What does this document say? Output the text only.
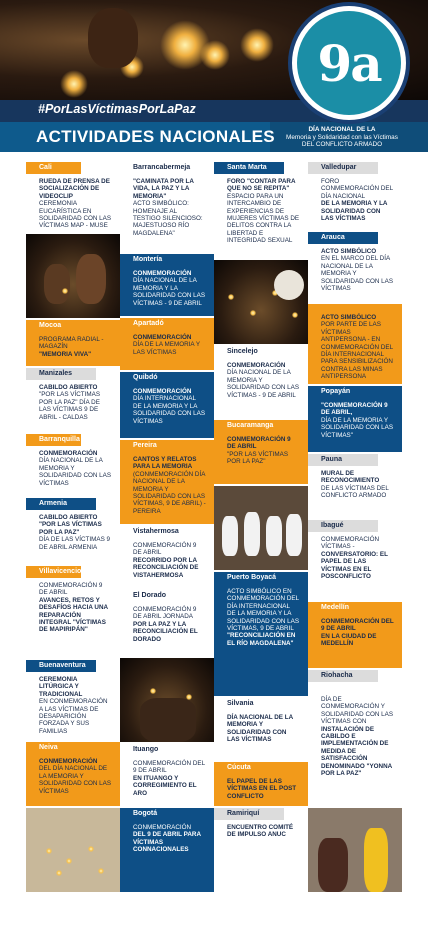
9a
#PorLasVíctimasPorLaPaz
ACTIVIDADES NACIONALES	DÍA NACIONAL DE LA
Memoria y Solidaridad con las Víctimas
DEL CONFLICTO ARMADO
Cali
RUEDA DE PRENSA DE SOCIALIZACIÓN DE VIDEOCLIP
CEREMONIA EUCARÍSTICA EN SOLIDARIDAD CON LAS VÍCTIMAS MAP - MUSE
Mocoa
PROGRAMA RADIAL - MAGAZÍN
"MEMORIA VIVA"
Manizales
CABILDO ABIERTO
"POR LAS VÍCTIMAS POR LA PAZ" DÍA DE LAS VÍCTIMAS 9 DE ABRIL - CALDAS
Barranquilla
CONMEMORACIÓN
DÍA NACIONAL DE LA MEMORIA Y SOLIDARIDAD CON LAS VÍCTIMAS
Armenia
CABILDO ABIERTO "POR LAS VÍCTIMAS POR LA PAZ"
DÍA DE LAS VÍCTIMAS 9 DE ABRIL ARMENIA
Villavicencio
CONMEMORACIÓN 9 DE ABRIL
AVANCES, RETOS Y DESAFÍOS HACIA UNA REPARACIÓN INTEGRAL "VÍCTIMAS DE MAPIRIPÁN"
Buenaventura
CEREMONIA LITÚRGICA Y TRADICIONAL
EN CONMEMORACIÓN A LAS VÍCTIMAS DE DESAPARICIÓN FORZADA Y SUS FAMILIAS
Neiva
CONMEMORACIÓN
DEL DÍA NACIONAL DE LA MEMORIA Y SOLIDARIDAD CON LAS VÍCTIMAS
Barrancabermeja
"CAMINATA POR LA VIDA, LA PAZ Y LA MEMORIA"
ACTO SIMBÓLICO: HOMENAJE AL TESTIGO SILENCIOSO: MAJESTUOSO RÍO MAGDALENA"
Montería
CONMEMORACIÓN
DÍA NACIONAL DE LA MEMORIA Y LA SOLIDARIDAD CON LAS VÍCTIMAS - 9 DE ABRIL
Apartadó
CONMEMORACIÓN
DÍA DE LA MEMORIA Y LAS VÍCTIMAS
Quibdó
CONMEMORACIÓN
DÍA INTERNACIONAL DE LA MEMORIA Y LA SOLIDARIDAD CON LAS VÍCTIMAS
Pereira
CANTOS Y RELATOS PARA LA MEMORIA
(CONMEMORACIÓN DÍA NACIONAL DE LA MEMORIA Y SOLIDARIDAD CON LAS VÍCTIMAS, 9 DE ABRIL) - PEREIRA
Vistahermosa
CONMEMORACIÓN 9 DE ABRIL
RECORRIDO POR LA RECONCILIACIÓN DE VISTAHERMOSA
El Dorado
CONMEMORACIÓN 9 DE ABRIL JORNADA
POR LA PAZ Y LA RECONCILIACIÓN EL DORADO
Ituango
CONMEMORACIÓN DEL 9 DE ABRIL
EN ITUANGO Y CORREGIMIENTO EL ARO
Bogotá
CONMEMORACIÓN
DEL 9 DE ABRIL PARA VÍCTIMAS CONNACIONALES
Santa Marta
FORO "CONTAR PARA QUE NO SE REPITA"
ESPACIO PARA UN INTERCAMBIO DE EXPERIENCIAS DE MUJERES VÍCTIMAS DE DELITOS CONTRA LA LIBERTAD E INTEGRIDAD SEXUAL
Sincelejo
CONMEMORACIÓN
DÍA NACIONAL DE LA MEMORIA Y SOLIDARIDAD CON LAS VÍCTIMAS - 9 DE ABRIL
Bucaramanga
CONMEMORACIÓN 9 DE ABRIL
"POR LAS VÍCTIMAS POR LA PAZ"
Puerto Boyacá
ACTO SIMBÓLICO EN CONMEMORACIÓN DEL DÍA INTERNACIONAL DE LA MEMORIA Y LA SOLIDARIDAD CON LAS VÍCTIMAS, 9 DE ABRIL
"RECONCILIACIÓN EN EL RÍO MAGDALENA"
Silvania
DÍA NACIONAL DE LA MEMORIA Y SOLIDARIDAD CON LAS VÍCTIMAS
Cúcuta
EL PAPEL DE LAS VÍCTIMAS EN EL POST CONFLICTO
Ramiriquí
ENCUENTRO COMITÉ DE IMPULSO ANUC
Valledupar
FORO CONMEMORACIÓN DEL DÍA NACIONAL
DE LA MEMORIA Y LA SOLIDARIDAD CON LAS VÍCTIMAS
Arauca
ACTO SIMBÓLICO
EN EL MARCO DEL DÍA NACIONAL DE LA MEMORIA Y SOLIDARIDAD CON LAS VÍCTIMAS
ACTO SIMBÓLICO
POR PARTE DE LAS VÍCTIMAS ANTIPERSONA - EN CONMEMORACIÓN DEL DÍA INTERNACIONAL PARA SENSIBILIZACIÓN CONTRA LAS MINAS ANTIPERSONA
Popayán
"CONMEMORACIÓN 9 DE ABRIL,
DÍA DE LA MEMORIA Y SOLIDARIDAD CON LAS VÍCTIMAS"
Pauna
MURAL DE RECONOCIMIENTO
DE LAS VÍCTIMAS DEL CONFLICTO ARMADO
Ibagué
CONMEMORACIÓN VÍCTIMAS -
CONVERSATORIO: EL PAPEL DE LAS VÍCTIMAS EN EL POSCONFLICTO
Medellín
CONMEMORACIÓN DEL 9 DE ABRIL
EN LA CIUDAD DE MEDELLÍN
Riohacha
DÍA DE CONMEMORACIÓN Y SOLIDARIDAD CON LAS VÍCTIMAS CON
INSTALACIÓN DE CABILDO E IMPLEMENTACIÓN DE MEDIDA DE SATISFACCIÓN DENOMINADO "YONNA POR LA PAZ"
